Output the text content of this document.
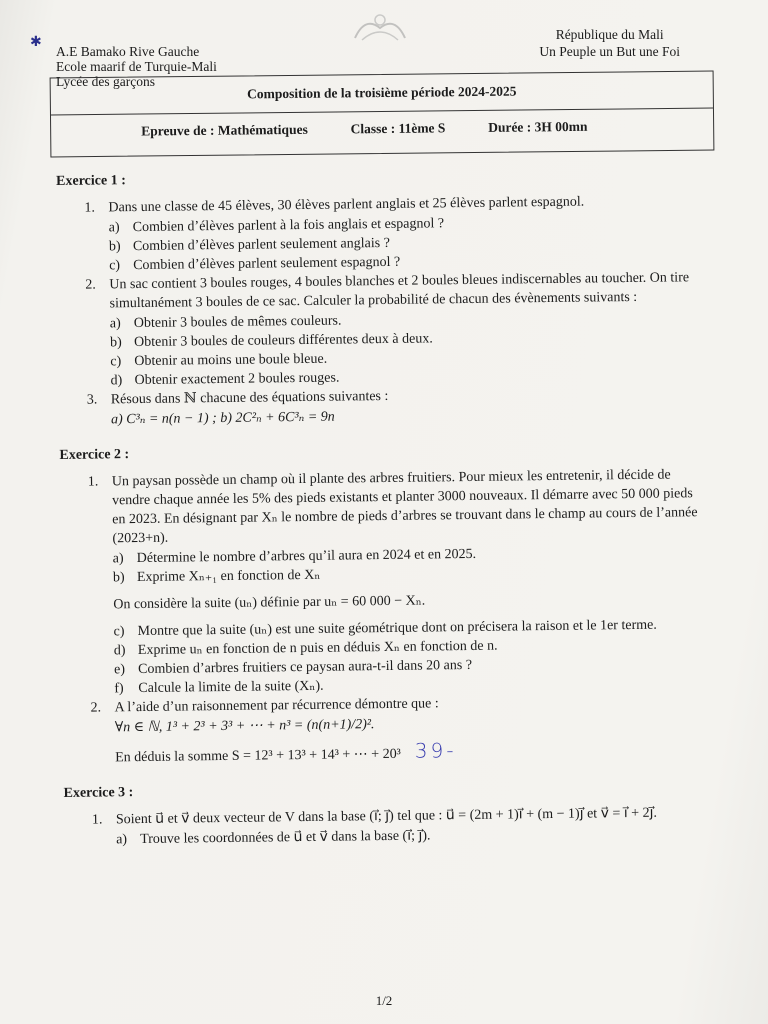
✱
A.E Bamako Rive Gauche
Ecole maarif de Turquie-Mali
Lycée des garçons
République du Mali
Un Peuple un But une Foi
Composition de la troisième période 2024-2025
Epreuve de : Mathématiques	Classe : 11ème S	Durée : 3H 00mn
Exercice 1 :
1. Dans une classe de 45 élèves, 30 élèves parlent anglais et 25 élèves parlent espagnol.
a) Combien d’élèves parlent à la fois anglais et espagnol ?
b) Combien d’élèves parlent seulement anglais ?
c) Combien d’élèves parlent seulement espagnol ?
2. Un sac contient 3 boules rouges, 4 boules blanches et 2 boules bleues indiscernables au toucher. On tire simultanément 3 boules de ce sac. Calculer la probabilité de chacun des évènements suivants :
a) Obtenir 3 boules de mêmes couleurs.
b) Obtenir 3 boules de couleurs différentes deux à deux.
c) Obtenir au moins une boule bleue.
d) Obtenir exactement 2 boules rouges.
3. Résous dans ℕ chacune des équations suivantes :
a) C³ₙ = n(n − 1) ; b) 2C²ₙ + 6C³ₙ = 9n
Exercice 2 :
1. Un paysan possède un champ où il plante des arbres fruitiers. Pour mieux les entretenir, il décide de vendre chaque année les 5% des pieds existants et planter 3000 nouveaux. Il démarre avec 50 000 pieds en 2023. En désignant par Xₙ le nombre de pieds d’arbres se trouvant dans le champ au cours de l’année (2023+n).
a) Détermine le nombre d’arbres qu’il aura en 2024 et en 2025.
b) Exprime Xₙ₊₁ en fonction de Xₙ
On considère la suite (uₙ) définie par uₙ = 60 000 − Xₙ.
c) Montre que la suite (uₙ) est une suite géométrique dont on précisera la raison et le 1er terme.
d) Exprime uₙ en fonction de n puis en déduis Xₙ en fonction de n.
e) Combien d’arbres fruitiers ce paysan aura-t-il dans 20 ans ?
f)	Calcule la limite de la suite (Xₙ).
2. A l’aide d’un raisonnement par récurrence démontre que :
∀n ∈ ℕ, 1³ + 2³ + 3³ + ⋯ + n³ = (n(n+1)/2)².
En déduis la somme S = 12³ + 13³ + 14³ + ⋯ + 20³ 39-
Exercice 3 :
1. Soient u⃗ et v⃗ deux vecteur de V dans la base (i⃗; j⃗) tel que : u⃗ = (2m + 1)i⃗ + (m − 1)j⃗ et v⃗ = i⃗ + 2j⃗.
a) Trouve les coordonnées de u⃗ et v⃗ dans la base (i⃗; j⃗).
1/2
